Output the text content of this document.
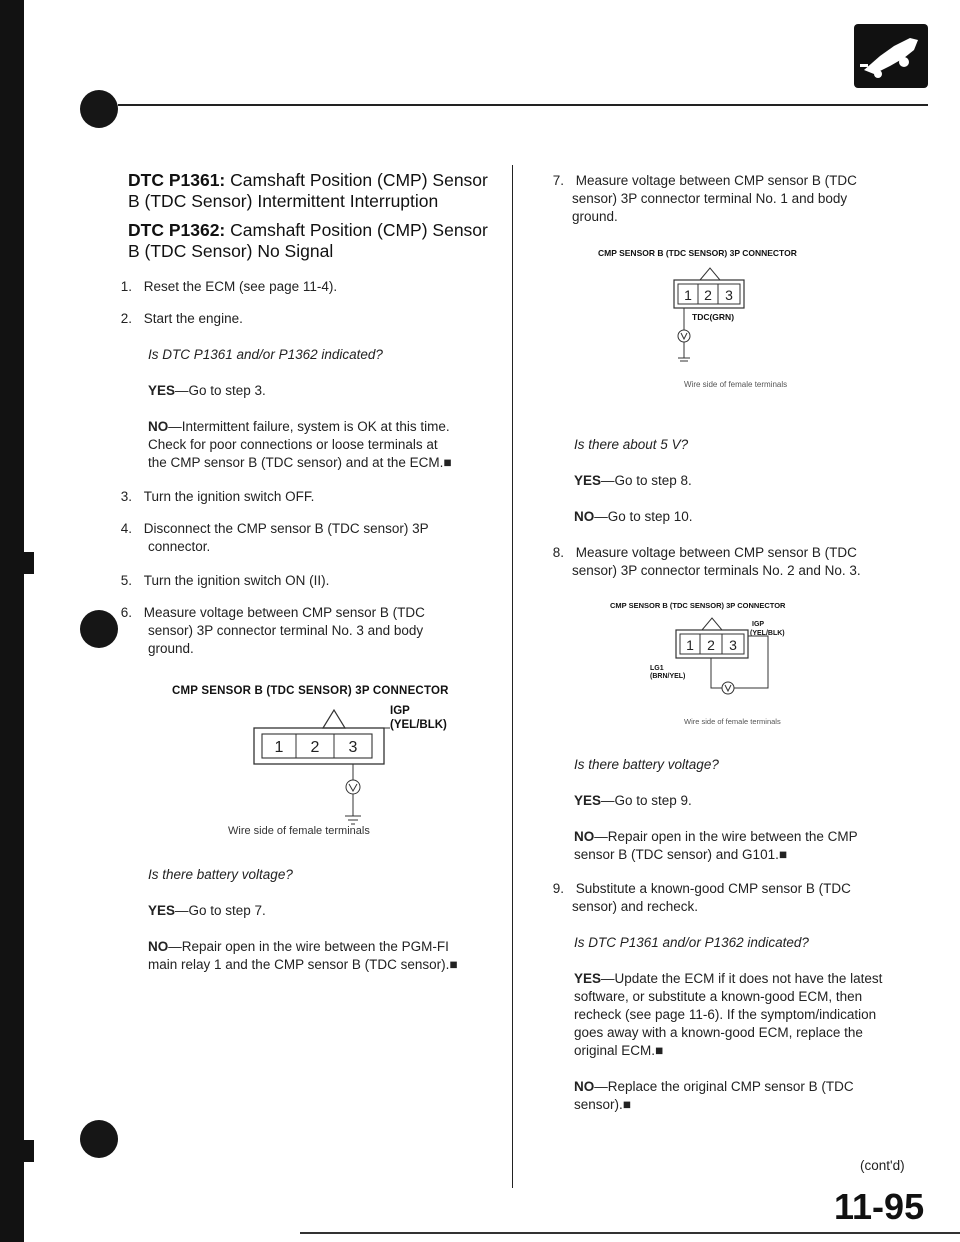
DTC P1361: Camshaft Position (CMP) Sensor
B (TDC Sensor) Intermittent Interruption
DTC P1362: Camshaft Position (CMP) Sensor
B (TDC Sensor) No Signal
1. Reset the ECM (see page 11-4).
2. Start the engine.
Is DTC P1361 and/or P1362 indicated?
YES—Go to step 3.
NO—Intermittent failure, system is OK at this time.
Check for poor connections or loose terminals at
the CMP sensor B (TDC sensor) and at the ECM.■
3. Turn the ignition switch OFF.
4. Disconnect the CMP sensor B (TDC sensor) 3P
connector.
5. Turn the ignition switch ON (II).
6. Measure voltage between CMP sensor B (TDC
sensor) 3P connector terminal No. 3 and body
ground.
CMP SENSOR B (TDC SENSOR) 3P CONNECTOR
1 2 3
IGP
(YEL/BLK)
Wire side of female terminals
Is there battery voltage?
YES—Go to step 7.
NO—Repair open in the wire between the PGM-FI
main relay 1 and the CMP sensor B (TDC sensor).■
7. Measure voltage between CMP sensor B (TDC
sensor) 3P connector terminal No. 1 and body
ground.
CMP SENSOR B (TDC SENSOR) 3P CONNECTOR
1 2 3
TDC(GRN)
Wire side of female terminals
Is there about 5 V?
YES—Go to step 8.
NO—Go to step 10.
8. Measure voltage between CMP sensor B (TDC
sensor) 3P connector terminals No. 2 and No. 3.
CMP SENSOR B (TDC SENSOR) 3P CONNECTOR
1 2 3
IGP
(YEL/BLK)
LG1
(BRN/YEL)
Wire side of female terminals
Is there battery voltage?
YES—Go to step 9.
NO—Repair open in the wire between the CMP
sensor B (TDC sensor) and G101.■
9. Substitute a known-good CMP sensor B (TDC
sensor) and recheck.
Is DTC P1361 and/or P1362 indicated?
YES—Update the ECM if it does not have the latest
software, or substitute a known-good ECM, then
recheck (see page 11-6). If the symptom/indication
goes away with a known-good ECM, replace the
original ECM.■
NO—Replace the original CMP sensor B (TDC
sensor).■
(cont'd)
11-95
